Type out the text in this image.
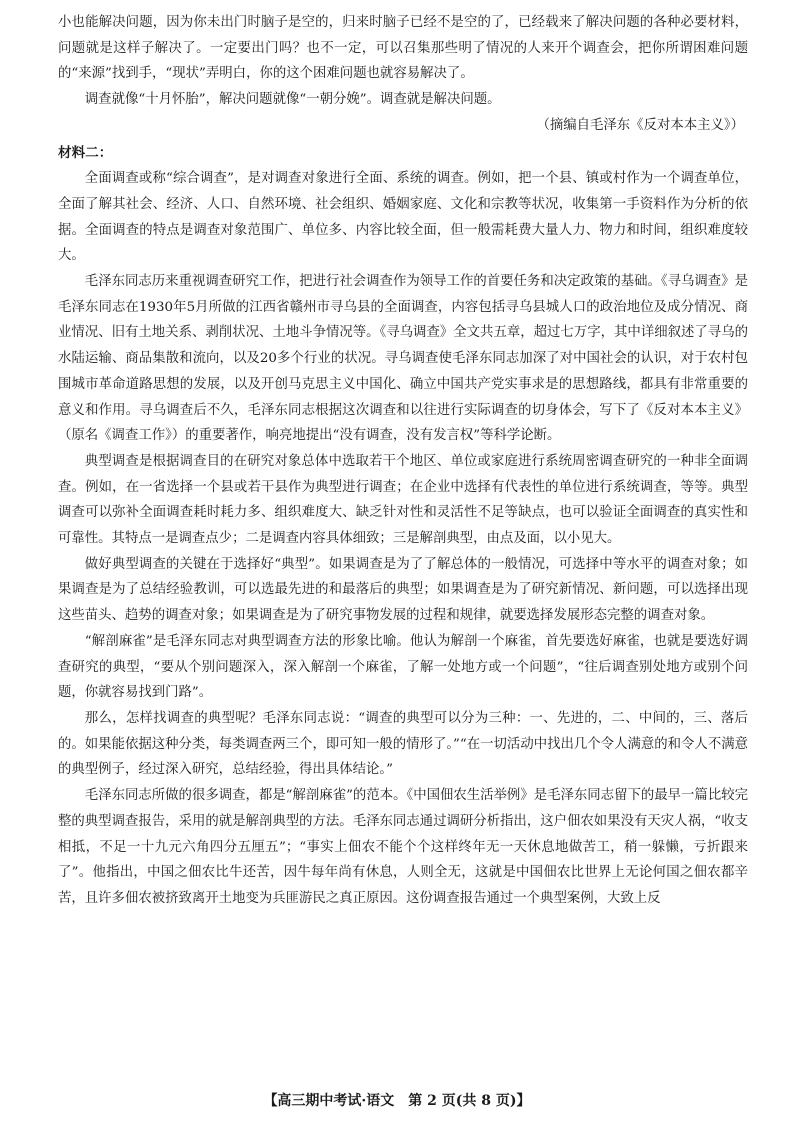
小也能解决问题，因为你未出门时脑子是空的，归来时脑子已经不是空的了，已经载来了解决问题的各种必要材料，问题就是这样子解决了。一定要出门吗？也不一定，可以召集那些明了情况的人来开个调查会，把你所谓困难问题的“来源”找到手，“现状”弄明白，你的这个困难问题也就容易解决了。

调查就像“十月怀胎”，解决问题就像“一朝分娩”。调查就是解决问题。

（摘编自毛泽东《反对本本主义》）

材料二：

全面调查或称“综合调查”，是对调查对象进行全面、系统的调查。例如，把一个县、镇或村作为一个调查单位，全面了解其社会、经济、人口、自然环境、社会组织、婚姻家庭、文化和宗教等状况，收集第一手资料作为分析的依据。全面调查的特点是调查对象范围广、单位多、内容比较全面，但一般需耗费大量人力、物力和时间，组织难度较大。

毛泽东同志历来重视调查研究工作，把进行社会调查作为领导工作的首要任务和决定政策的基础。《寻乌调查》是毛泽东同志在1930年5月所做的江西省赣州市寻乌县的全面调查，内容包括寻乌县城人口的政治地位及成分情况、商业情况、旧有土地关系、剥削状况、土地斗争情况等。《寻乌调查》全文共五章，超过七万字，其中详细叙述了寻乌的水陆运输、商品集散和流向，以及20多个行业的状况。寻乌调查使毛泽东同志加深了对中国社会的认识，对于农村包围城市革命道路思想的发展，以及开创马克思主义中国化、确立中国共产党实事求是的思想路线，都具有非常重要的意义和作用。寻乌调查后不久，毛泽东同志根据这次调查和以往进行实际调查的切身体会，写下了《反对本本主义》（原名《调查工作》）的重要著作，响亮地提出“没有调查，没有发言权”等科学论断。

典型调查是根据调查目的在研究对象总体中选取若干个地区、单位或家庭进行系统周密调查研究的一种非全面调查。例如，在一省选择一个县或若干县作为典型进行调查；在企业中选择有代表性的单位进行系统调查，等等。典型调查可以弥补全面调查耗时耗力多、组织难度大、缺乏针对性和灵活性不足等缺点，也可以验证全面调查的真实性和可靠性。其特点一是调查点少；二是调查内容具体细致；三是解剖典型，由点及面，以小见大。

做好典型调查的关键在于选择好“典型”。如果调查是为了了解总体的一般情况，可选择中等水平的调查对象；如果调查是为了总结经验教训，可以选最先进的和最落后的典型；如果调查是为了研究新情况、新问题，可以选择出现这些苗头、趋势的调查对象；如果调查是为了研究事物发展的过程和规律，就要选择发展形态完整的调查对象。

“解剖麻雀”是毛泽东同志对典型调查方法的形象比喻。他认为解剖一个麻雀，首先要选好麻雀，也就是要选好调查研究的典型，“要从个别问题深入，深入解剖一个麻雀，了解一处地方或一个问题”，“往后调查别处地方或别个问题，你就容易找到门路”。

那么，怎样找调查的典型呢？毛泽东同志说：“调查的典型可以分为三种：一、先进的，二、中间的，三、落后的。如果能依据这种分类，每类调查两三个，即可知一般的情形了。”“在一切活动中找出几个令人满意的和令人不满意的典型例子，经过深入研究，总结经验，得出具体结论。”

毛泽东同志所做的很多调查，都是“解剖麻雀”的范本。《中国佃农生活举例》是毛泽东同志留下的最早一篇比较完整的典型调查报告，采用的就是解剖典型的方法。毛泽东同志通过调研分析指出，这户佃农如果没有天灾人祸，“收支相抵，不足一十九元六角四分五厘五”；“事实上佃农不能个个这样终年无一天休息地做苦工，稍一躲懒，亏折跟来了”。他指出，中国之佃农比牛还苦，因牛每年尚有休息，人则全无，这就是中国佃农比世界上无论何国之佃农都辛苦，且许多佃农被挤致离开土地变为兵匪游民之真正原因。这份调查报告通过一个典型案例，大致上反

【高三期中考试·语文　第 2 页(共 8 页)】
